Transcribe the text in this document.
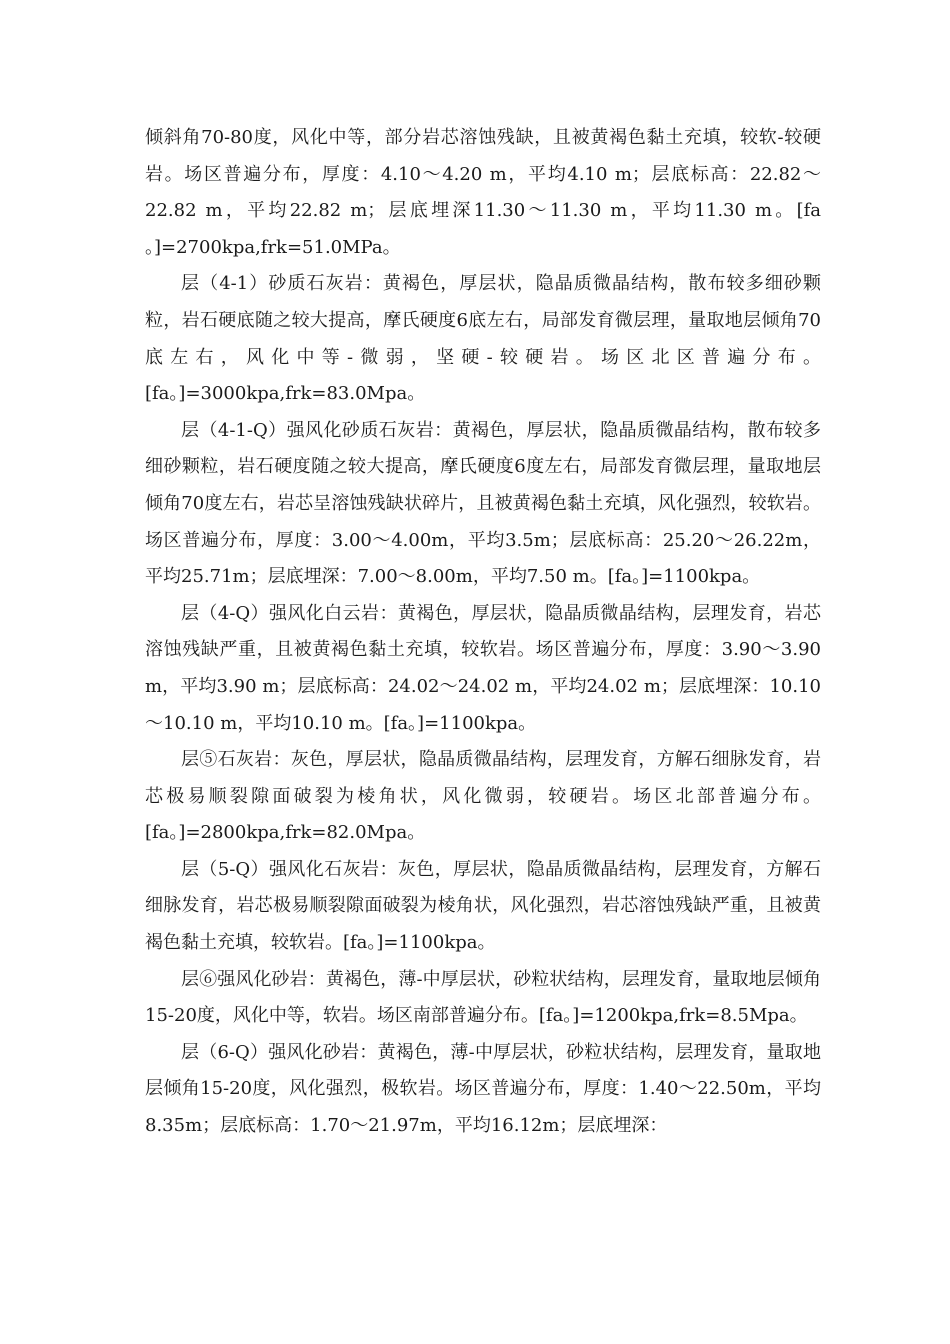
倾斜角70-80度，风化中等，部分岩芯溶蚀残缺，且被黄褐色黏土充填，较软-较硬岩。场区普遍分布，厚度：4.10～4.20 m，平均4.10 m；层底标高：22.82～22.82 m，平均22.82 m；层底埋深11.30～11.30 m，平均11.30 m。[fa 。]=2700kpa,frk=51.0MPa。

层（4-1）砂质石灰岩：黄褐色，厚层状，隐晶质微晶结构，散布较多细砂颗粒，岩石硬底随之较大提高，摩氏硬度6底左右，局部发育微层理，量取地层倾角70底左右，风化中等-微弱，坚硬-较硬岩。场区北区普遍分布。[fa。]=3000kpa,frk=83.0Mpa。

层（4-1-Q）强风化砂质石灰岩：黄褐色，厚层状，隐晶质微晶结构，散布较多细砂颗粒，岩石硬度随之较大提高，摩氏硬度6度左右，局部发育微层理，量取地层倾角70度左右，岩芯呈溶蚀残缺状碎片，且被黄褐色黏土充填，风化强烈，较软岩。场区普遍分布，厚度：3.00～4.00m，平均3.5m；层底标高：25.20～26.22m，平均25.71m；层底埋深：7.00～8.00m，平均7.50 m。[fa。]=1100kpa。

层（4-Q）强风化白云岩：黄褐色，厚层状，隐晶质微晶结构，层理发育，岩芯溶蚀残缺严重，且被黄褐色黏土充填，较软岩。场区普遍分布，厚度：3.90～3.90 m，平均3.90 m；层底标高：24.02～24.02 m，平均24.02 m；层底埋深：10.10～10.10 m，平均10.10 m。[fa。]=1100kpa。

层⑤石灰岩：灰色，厚层状，隐晶质微晶结构，层理发育，方解石细脉发育，岩芯极易顺裂隙面破裂为棱角状，风化微弱，较硬岩。场区北部普遍分布。[fa。]=2800kpa,frk=82.0Mpa。

层（5-Q）强风化石灰岩：灰色，厚层状，隐晶质微晶结构，层理发育，方解石细脉发育，岩芯极易顺裂隙面破裂为棱角状，风化强烈，岩芯溶蚀残缺严重，且被黄褐色黏土充填，较软岩。[fa。]=1100kpa。

层⑥强风化砂岩：黄褐色，薄-中厚层状，砂粒状结构，层理发育，量取地层倾角15-20度，风化中等，软岩。场区南部普遍分布。[fa。]=1200kpa,frk=8.5Mpa。

层（6-Q）强风化砂岩：黄褐色，薄-中厚层状，砂粒状结构，层理发育，量取地层倾角15-20度，风化强烈，极软岩。场区普遍分布，厚度：1.40～22.50m，平均8.35m；层底标高：1.70～21.97m，平均16.12m；层底埋深：
